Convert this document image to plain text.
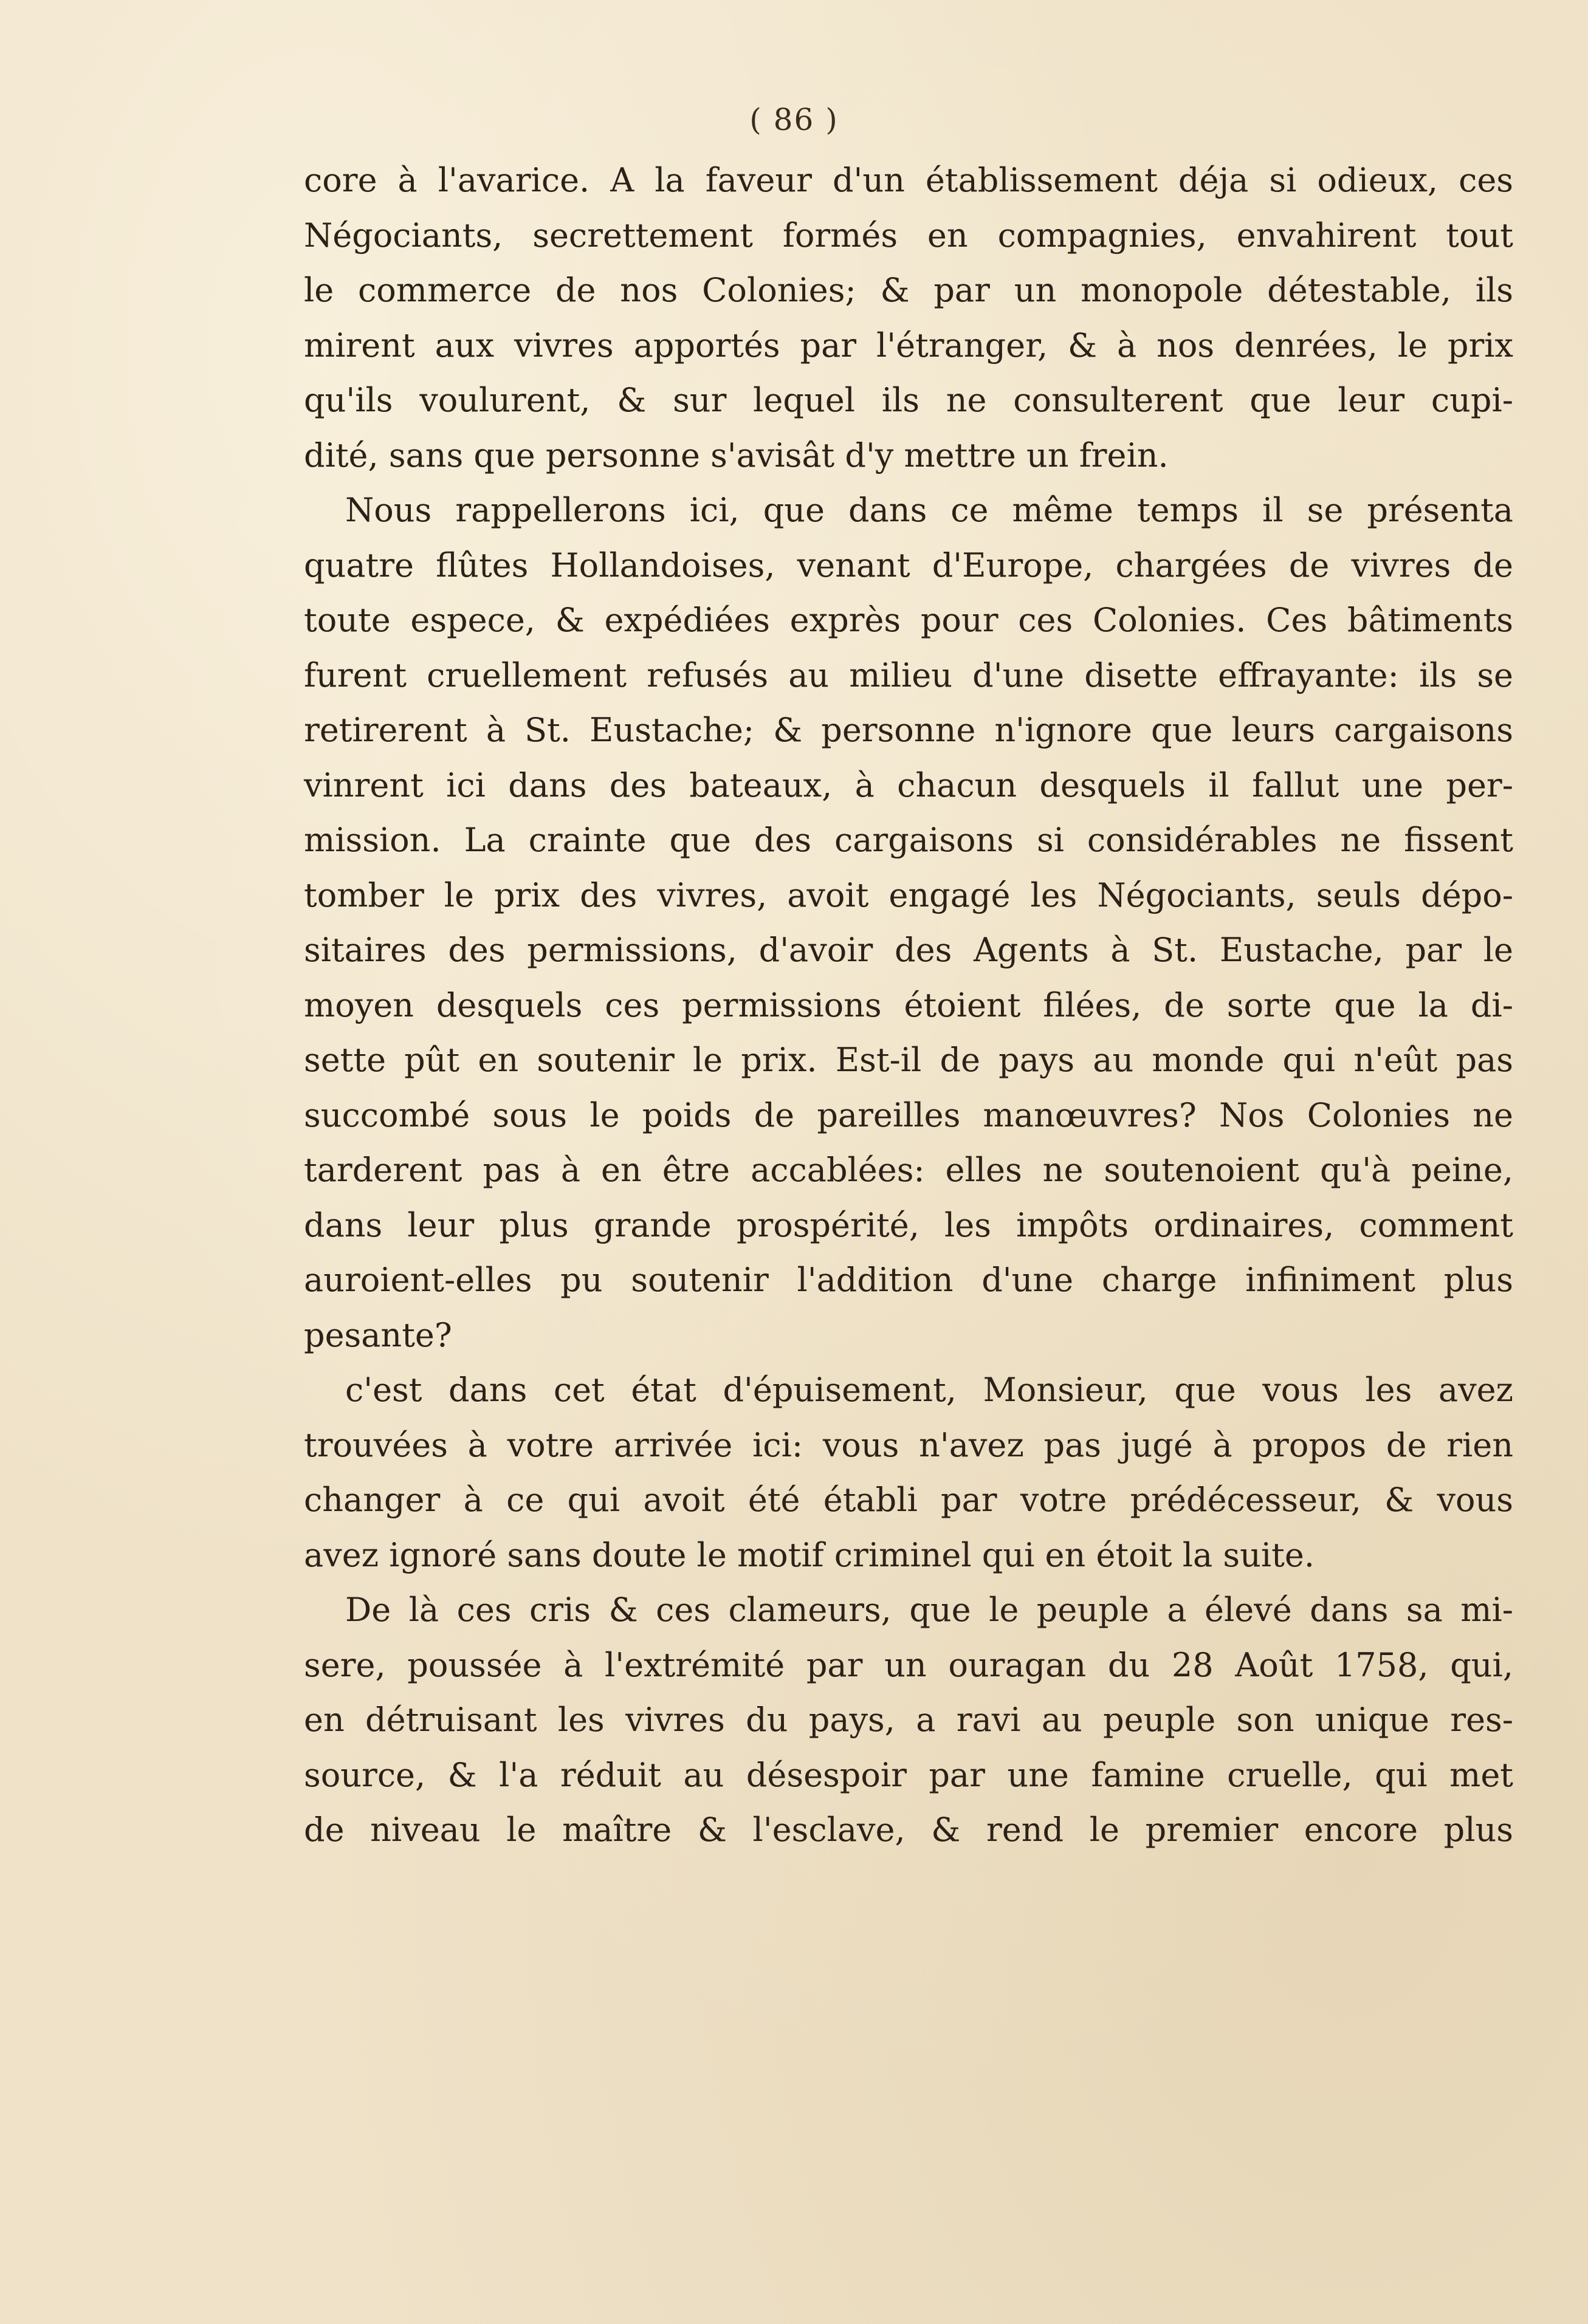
( 86 )
core à l'avarice. A la faveur d'un établissement déja si odieux, ces
Négociants, secrettement formés en compagnies, envahirent tout
le commerce de nos Colonies; & par un monopole détestable, ils
mirent aux vivres apportés par l'étranger, & à nos denrées, le prix
qu'ils voulurent, & sur lequel ils ne consulterent que leur cupi-
dité, sans que personne s'avisât d'y mettre un frein.
Nous rappellerons ici, que dans ce même temps il se présenta
quatre flûtes Hollandoises, venant d'Europe, chargées de vivres de
toute espece, & expédiées exprès pour ces Colonies. Ces bâtiments
furent cruellement refusés au milieu d'une disette effrayante: ils se
retirerent à St. Eustache; & personne n'ignore que leurs cargaisons
vinrent ici dans des bateaux, à chacun desquels il fallut une per-
mission. La crainte que des cargaisons si considérables ne fissent
tomber le prix des vivres, avoit engagé les Négociants, seuls dépo-
sitaires des permissions, d'avoir des Agents à St. Eustache, par le
moyen desquels ces permissions étoient filées, de sorte que la di-
sette pût en soutenir le prix. Est-il de pays au monde qui n'eût pas
succombé sous le poids de pareilles manœuvres? Nos Colonies ne
tarderent pas à en être accablées: elles ne soutenoient qu'à peine,
dans leur plus grande prospérité, les impôts ordinaires, comment
auroient-elles pu soutenir l'addition d'une charge infiniment plus
pesante?
c'est dans cet état d'épuisement, Monsieur, que vous les avez
trouvées à votre arrivée ici: vous n'avez pas jugé à propos de rien
changer à ce qui avoit été établi par votre prédécesseur, & vous
avez ignoré sans doute le motif criminel qui en étoit la suite.
De là ces cris & ces clameurs, que le peuple a élevé dans sa mi-
sere, poussée à l'extrémité par un ouragan du 28 Août 1758, qui,
en détruisant les vivres du pays, a ravi au peuple son unique res-
source, & l'a réduit au désespoir par une famine cruelle, qui met
de niveau le maître & l'esclave, & rend le premier encore plus
